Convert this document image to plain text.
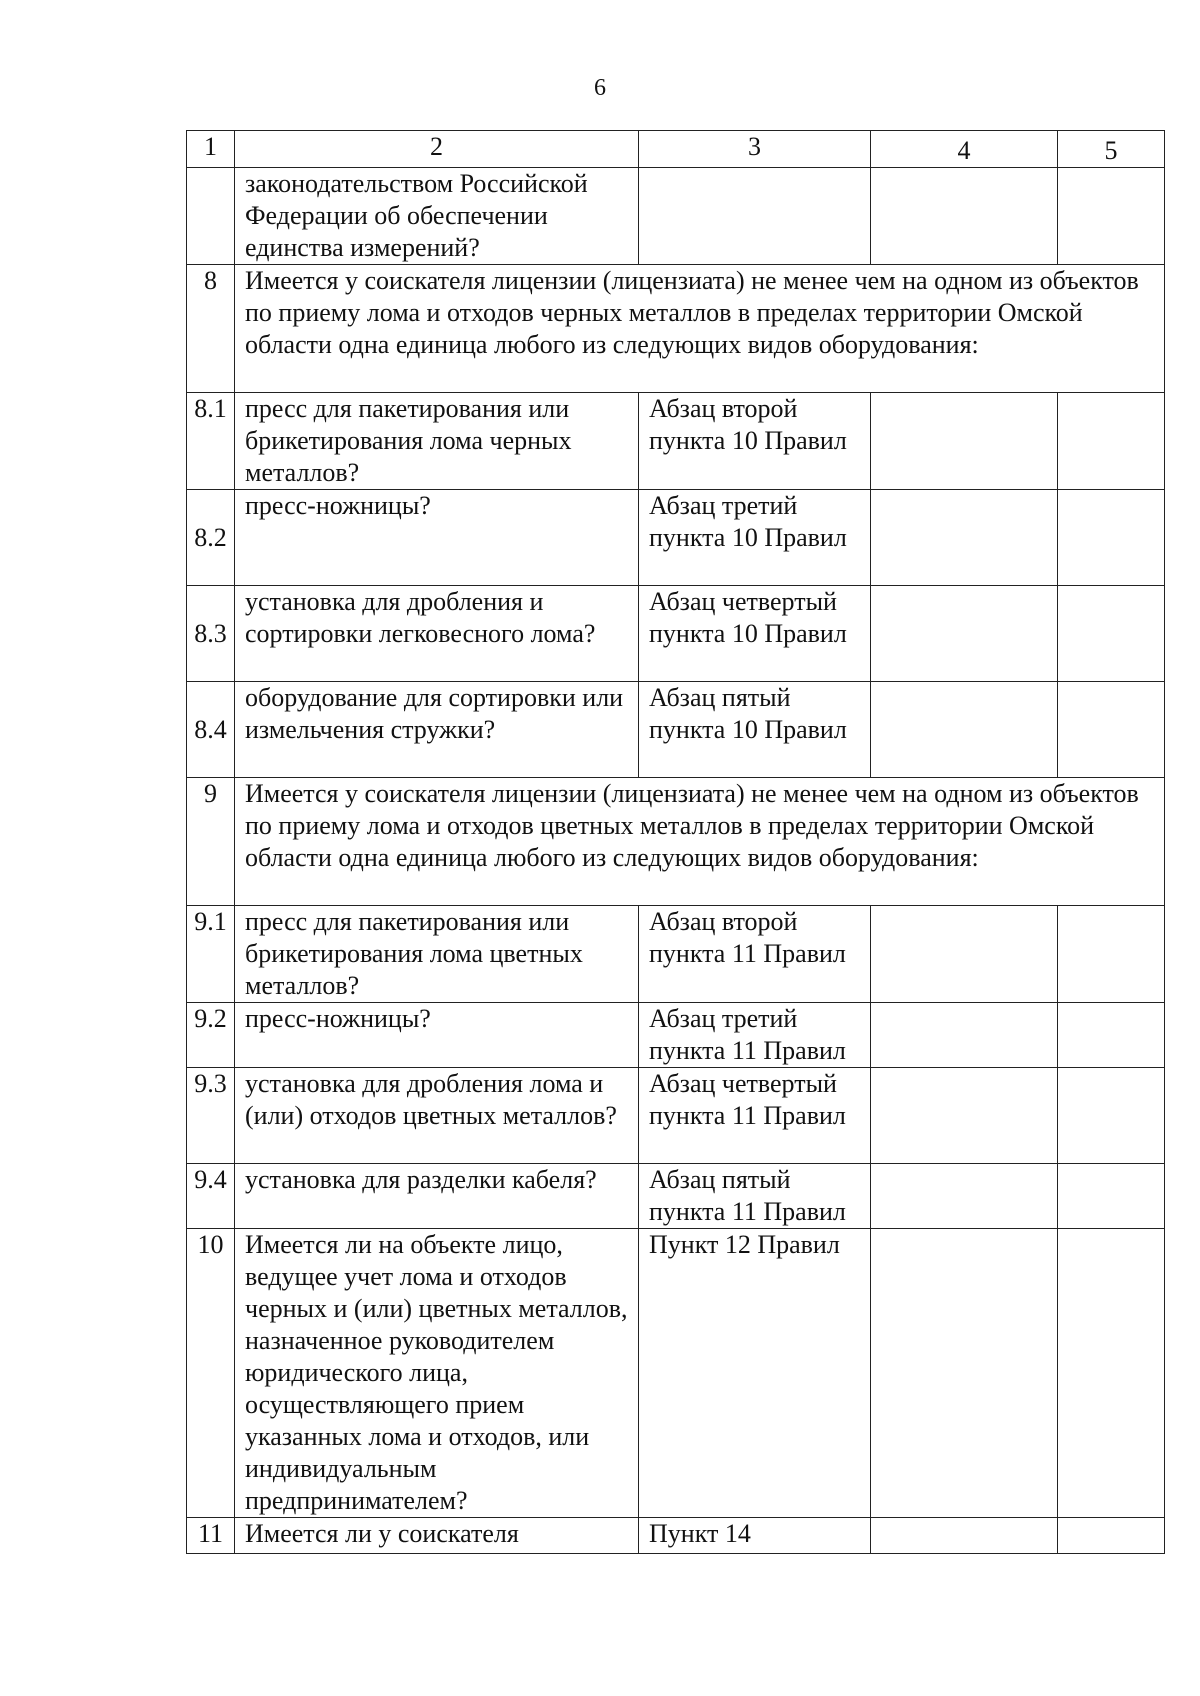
6
1	2	3	4	5
	законодательством Российской Федерации об обеспечении единства измерений?			
8	Имеется у соискателя лицензии (лицензиата) не менее чем на одном из объектов по приему лома и отходов черных металлов в пределах территории Омской области одна единица любого из следующих видов оборудования:			
8.1	пресс для пакетирования или брикетирования лома черных металлов?	Абзац второй пункта 10 Правил		
8.2	пресс-ножницы?	Абзац третий пункта 10 Правил		
8.3	установка для дробления и сортировки легковесного лома?	Абзац четвертый пункта 10 Правил		
8.4	оборудование для сортировки или измельчения стружки?	Абзац пятый пункта 10 Правил		
9	Имеется у соискателя лицензии (лицензиата) не менее чем на одном из объектов по приему лома и отходов цветных металлов в пределах территории Омской области одна единица любого из следующих видов оборудования:			
9.1	пресс для пакетирования или брикетирования лома цветных металлов?	Абзац второй пункта 11 Правил		
9.2	пресс-ножницы?	Абзац третий пункта 11 Правил		
9.3	установка для дробления лома и (или) отходов цветных металлов?	Абзац четвертый пункта 11 Правил		
9.4	установка для разделки кабеля?	Абзац пятый пункта 11 Правил		
10	Имеется ли на объекте лицо, ведущее учет лома и отходов черных и (или) цветных металлов, назначенное руководителем юридического лица, осуществляющего прием указанных лома и отходов, или индивидуальным предпринимателем?	Пункт 12 Правил		
11	Имеется ли у соискателя	Пункт 14		
